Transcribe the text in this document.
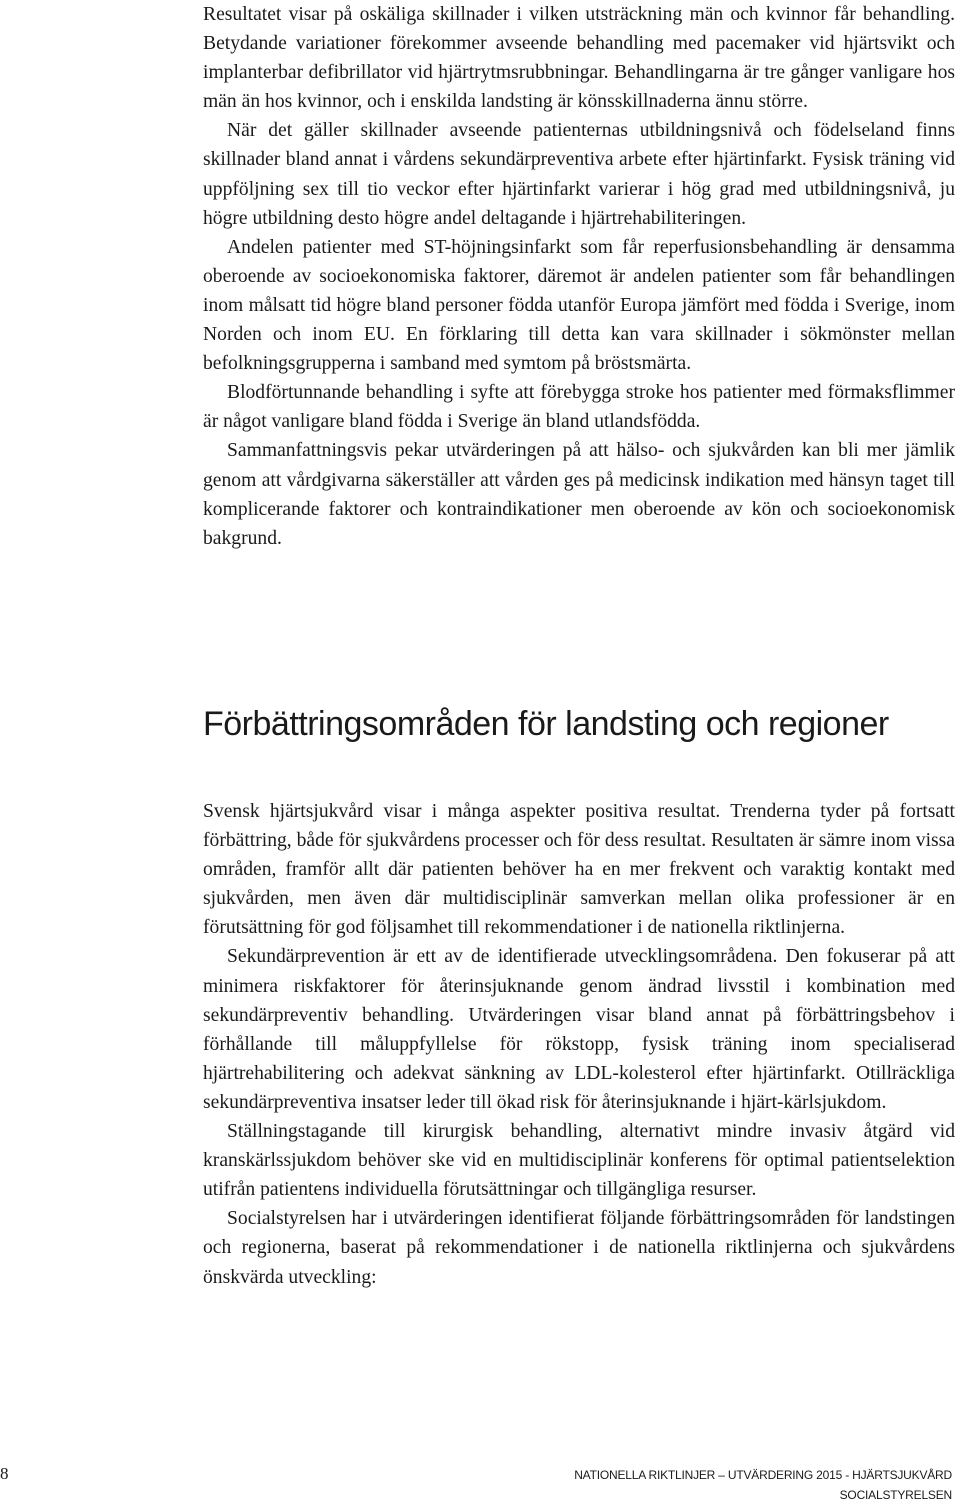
Resultatet visar på oskäliga skillnader i vilken utsträckning män och kvinnor får behandling. Betydande variationer förekommer avseende behandling med pacemaker vid hjärtsvikt och implanterbar defibrillator vid hjärtrytmsrubbningar. Behandlingarna är tre gånger vanligare hos män än hos kvinnor, och i enskilda landsting är könsskillnaderna ännu större.

När det gäller skillnader avseende patienternas utbildningsnivå och födelseland finns skillnader bland annat i vårdens sekundärpreventiva arbete efter hjärtinfarkt. Fysisk träning vid uppföljning sex till tio veckor efter hjärtinfarkt varierar i hög grad med utbildningsnivå, ju högre utbildning desto högre andel deltagande i hjärtrehabiliteringen.

Andelen patienter med ST-höjningsinfarkt som får reperfusionsbehandling är densamma oberoende av socioekonomiska faktorer, däremot är andelen patienter som får behandlingen inom målsatt tid högre bland personer födda utanför Europa jämfört med födda i Sverige, inom Norden och inom EU. En förklaring till detta kan vara skillnader i sökmönster mellan befolkningsgrupperna i samband med symtom på bröstsmärta.

Blodförtunnande behandling i syfte att förebygga stroke hos patienter med förmaksflimmer är något vanligare bland födda i Sverige än bland utlandsfödda.

Sammanfattningsvis pekar utvärderingen på att hälso- och sjukvården kan bli mer jämlik genom att vårdgivarna säkerställer att vården ges på medicinsk indikation med hänsyn taget till komplicerande faktorer och kontraindikationer men oberoende av kön och socioekonomisk bakgrund.

Förbättringsområden för landsting och regioner

Svensk hjärtsjukvård visar i många aspekter positiva resultat. Trenderna tyder på fortsatt förbättring, både för sjukvårdens processer och för dess resultat. Resultaten är sämre inom vissa områden, framför allt där patienten behöver ha en mer frekvent och varaktig kontakt med sjukvården, men även där multidisciplinär samverkan mellan olika professioner är en förutsättning för god följsamhet till rekommendationer i de nationella riktlinjerna.

Sekundärprevention är ett av de identifierade utvecklingsområdena. Den fokuserar på att minimera riskfaktorer för återinsjuknande genom ändrad livsstil i kombination med sekundärpreventiv behandling. Utvärderingen visar bland annat på förbättringsbehov i förhållande till måluppfyllelse för rökstopp, fysisk träning inom specialiserad hjärtrehabilitering och adekvat sänkning av LDL-kolesterol efter hjärtinfarkt. Otillräckliga sekundärpreventiva insatser leder till ökad risk för återinsjuknande i hjärt-kärlsjukdom.

Ställningstagande till kirurgisk behandling, alternativt mindre invasiv åtgärd vid kranskärlssjukdom behöver ske vid en multidisciplinär konferens för optimal patientselektion utifrån patientens individuella förutsättningar och tillgängliga resurser.

Socialstyrelsen har i utvärderingen identifierat följande förbättringsområden för landstingen och regionerna, baserat på rekommendationer i de nationella riktlinjerna och sjukvårdens önskvärda utveckling:

8	NATIONELLA RIKTLINJER – UTVÄRDERING 2015 - HJÄRTSJUKVÅRD
SOCIALSTYRELSEN
